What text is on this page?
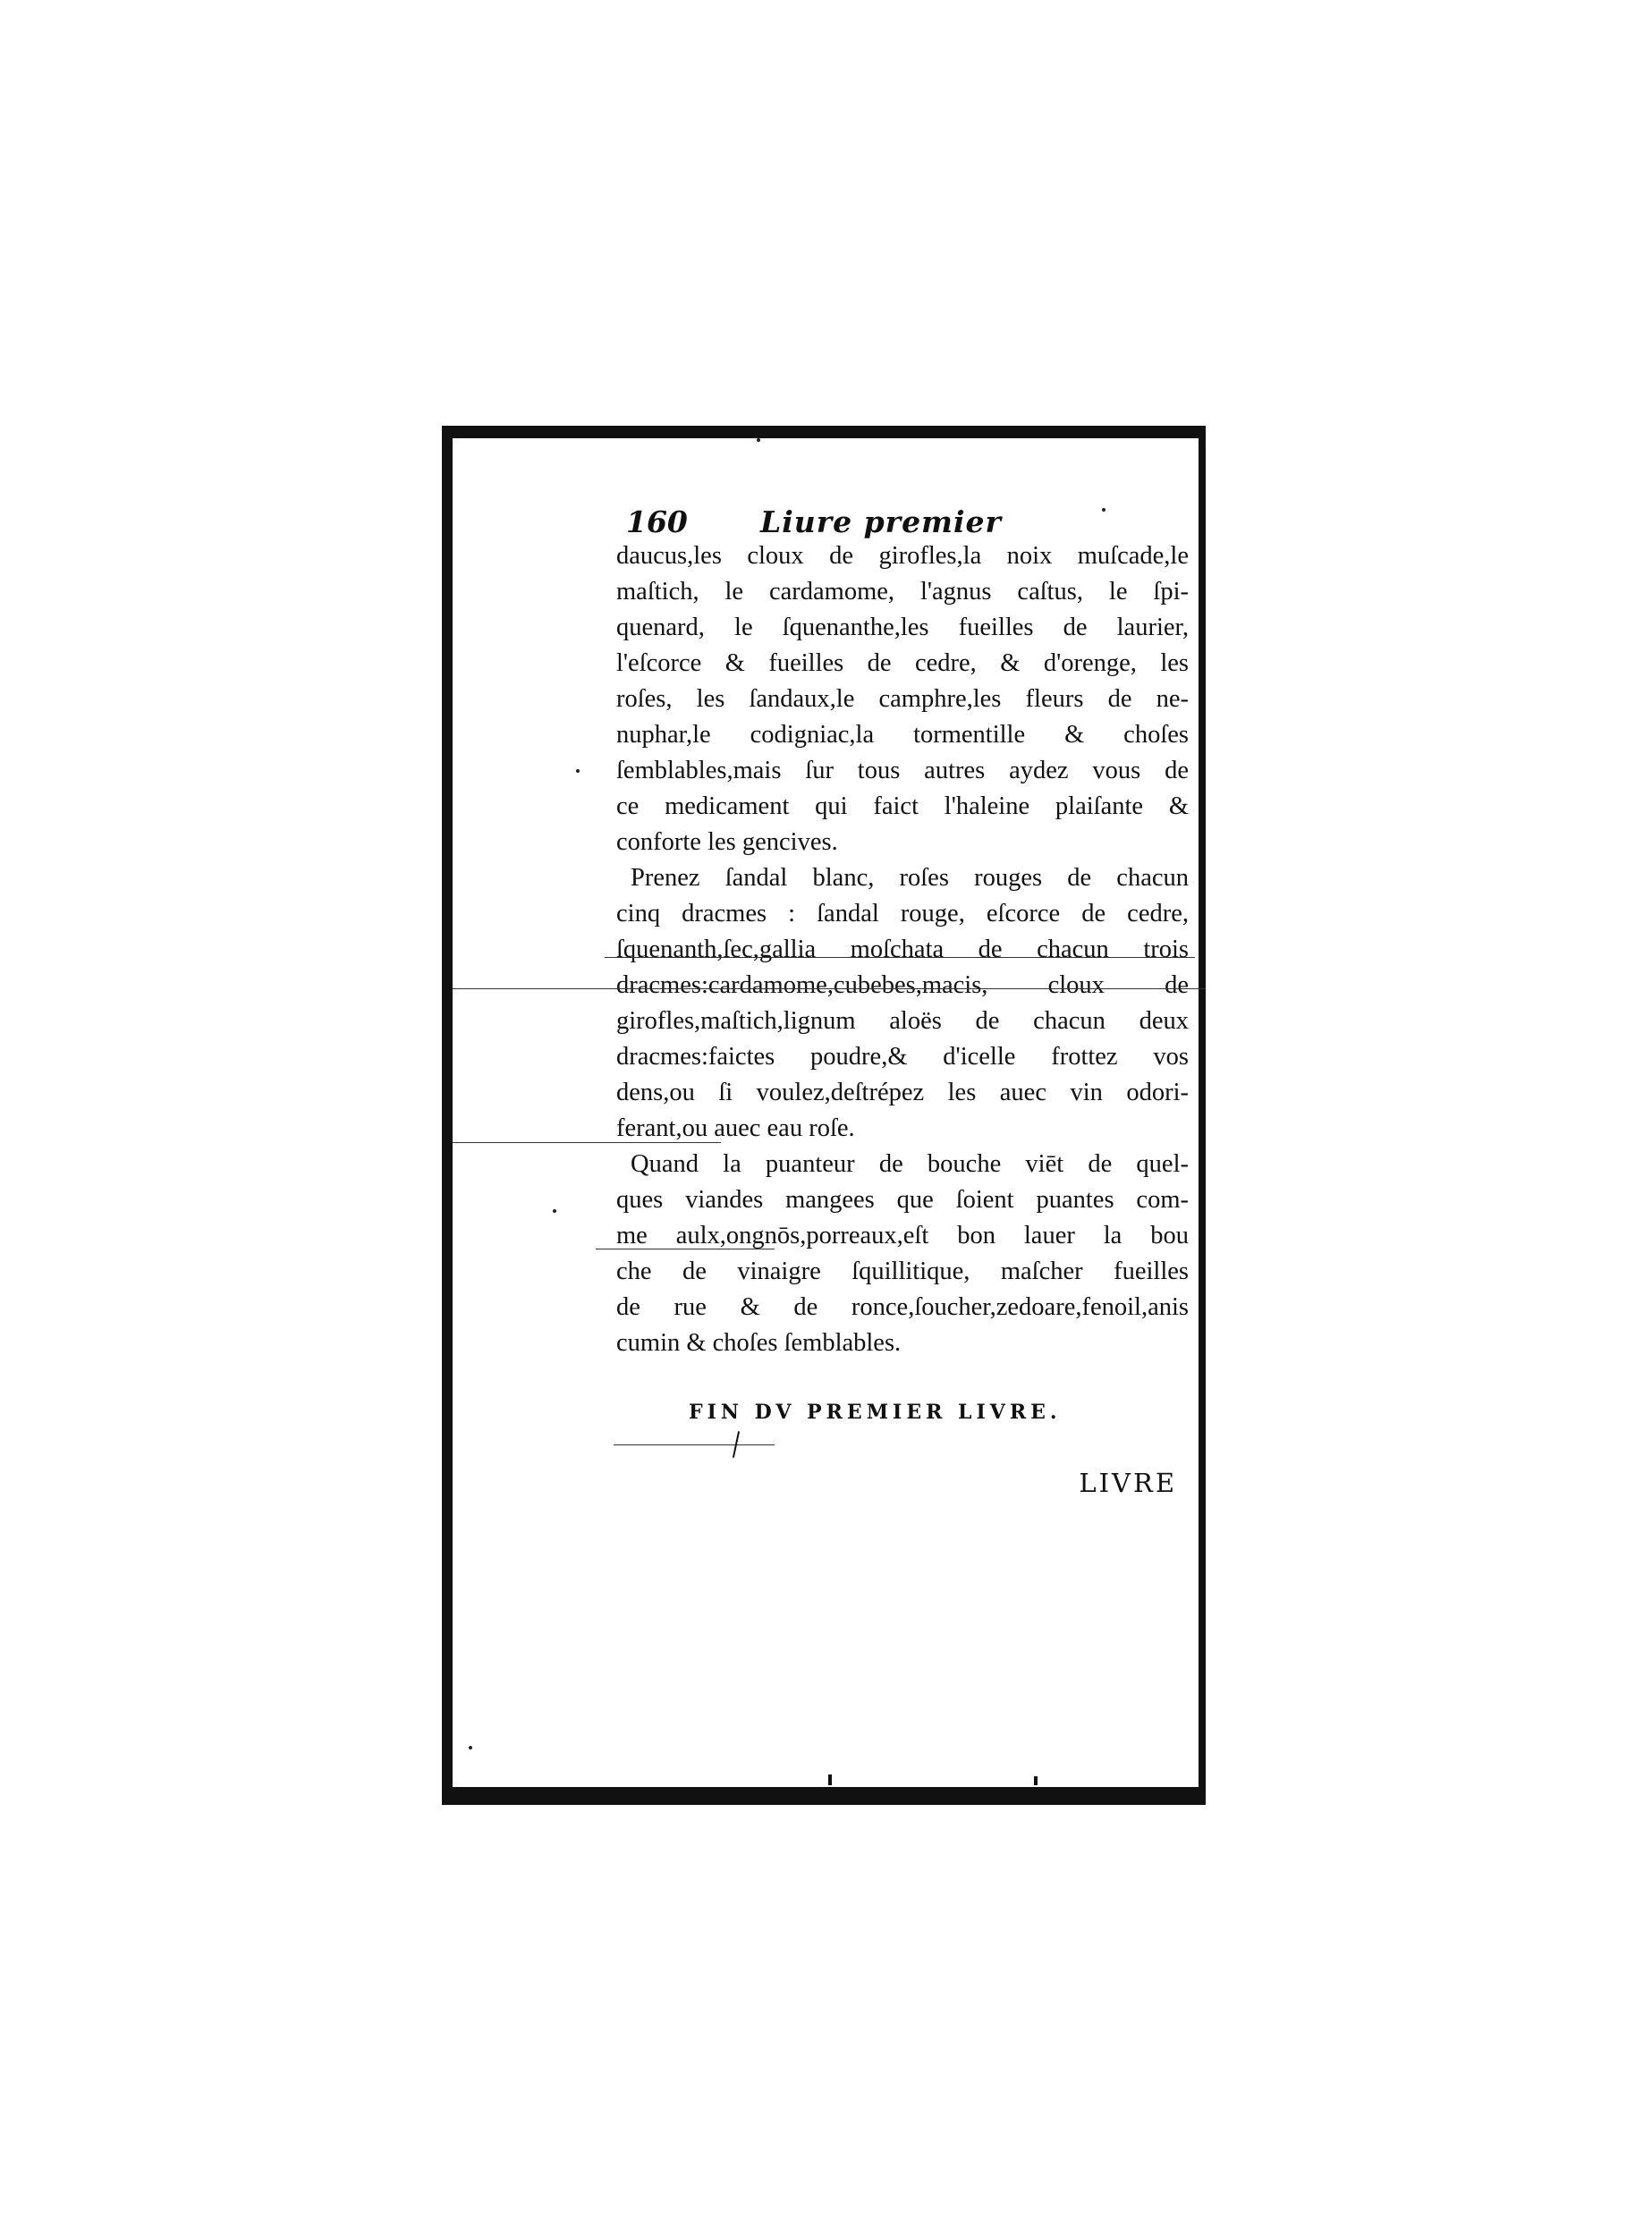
160 Liure premier
daucus,les cloux de girofles,la noix muſcade,le
maſtich, le cardamome, l'agnus caſtus, le ſpi-
quenard, le ſquenanthe,les fueilles de laurier,
l'eſcorce & fueilles de cedre, & d'orenge, les
roſes, les ſandaux,le camphre,les fleurs de ne-
nuphar,le codigniac,la tormentille & choſes
ſemblables,mais ſur tous autres aydez vous de
ce medicament qui faict l'haleine plaiſante &
conforte les gencives.
Prenez ſandal blanc, roſes rouges de chacun
cinq dracmes : ſandal rouge, eſcorce de cedre,
ſquenanth,ſec,gallia moſchata de chacun trois
dracmes:cardamome,cubebes,macis, cloux de
girofles,maſtich,lignum aloës de chacun deux
dracmes:faictes poudre,& d'icelle frottez vos
dens,ou ſi voulez,deſtrépez les auec vin odori-
ferant,ou auec eau roſe.
Quand la puanteur de bouche viēt de quel-
ques viandes mangees que ſoient puantes com-
me aulx,ongnōs,porreaux,eſt bon lauer la bou
che de vinaigre ſquillitique, maſcher fueilles
de rue & de ronce,ſoucher,zedoare,fenoil,anis
cumin & choſes ſemblables.
FIN DV PREMIER LIVRE.
LIVRE
